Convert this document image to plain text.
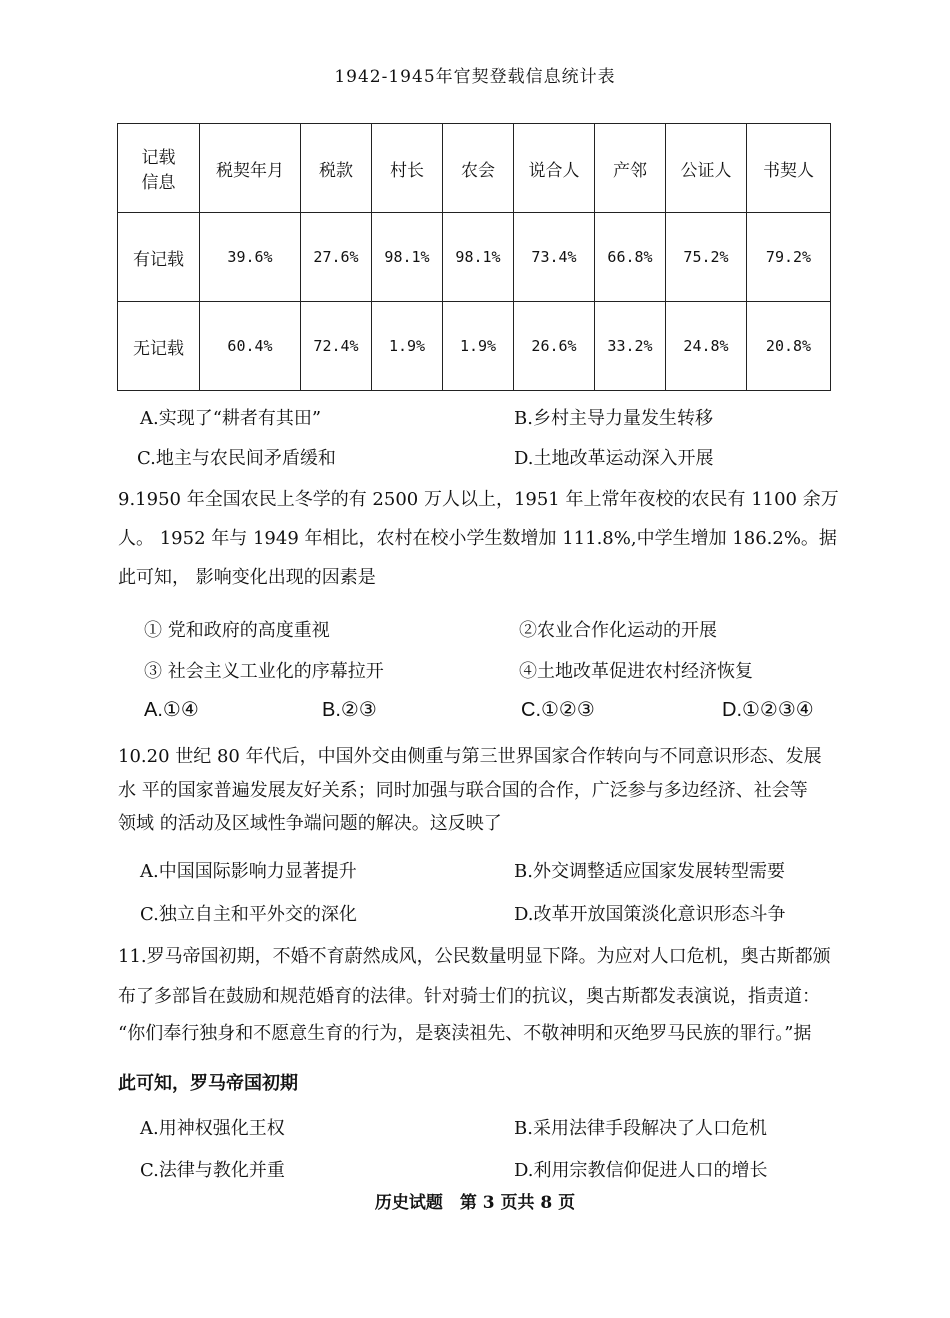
1942-1945年官契登载信息统计表
记载
信息	税契年月	税款	村长	农会	说合人	产邻	公证人	书契人
有记载	39.6%	27.6%	98.1%	98.1%	73.4%	66.8%	75.2%	79.2%
无记载	60.4%	72.4%	1.9%	1.9%	26.6%	33.2%	24.8%	20.8%
A.实现了“耕者有其田”	B.乡村主导力量发生转移
C.地主与农民间矛盾缓和	D.土地改革运动深入开展
9.1950 年全国农民上冬学的有 2500 万人以上，1951 年上常年夜校的农民有 1100 余万
人。 1952 年与 1949 年相比，农村在校小学生数增加 111.8%,中学生增加 186.2%。据
此可知， 影响变化出现的因素是
① 党和政府的高度重视	②农业合作化运动的开展
③ 社会主义工业化的序幕拉开	④土地改革促进农村经济恢复
A.①④	B.②③	C.①②③	D.①②③④
10.20 世纪 80 年代后，中国外交由侧重与第三世界国家合作转向与不同意识形态、发展
水 平的国家普遍发展友好关系；同时加强与联合国的合作，广泛参与多边经济、社会等
领域 的活动及区域性争端问题的解决。这反映了
A.中国国际影响力显著提升	B.外交调整适应国家发展转型需要
C.独立自主和平外交的深化	D.改革开放国策淡化意识形态斗争
11.罗马帝国初期，不婚不育蔚然成风，公民数量明显下降。为应对人口危机，奥古斯都颁
布了多部旨在鼓励和规范婚育的法律。针对骑士们的抗议，奥古斯都发表演说，指责道：
“你们奉行独身和不愿意生育的行为，是亵渎祖先、不敬神明和灭绝罗马民族的罪行。”据
此可知，罗马帝国初期
A.用神权强化王权	B.采用法律手段解决了人口危机
C.法律与教化并重	D.利用宗教信仰促进人口的增长
历史试题　第 3 页共 8 页
